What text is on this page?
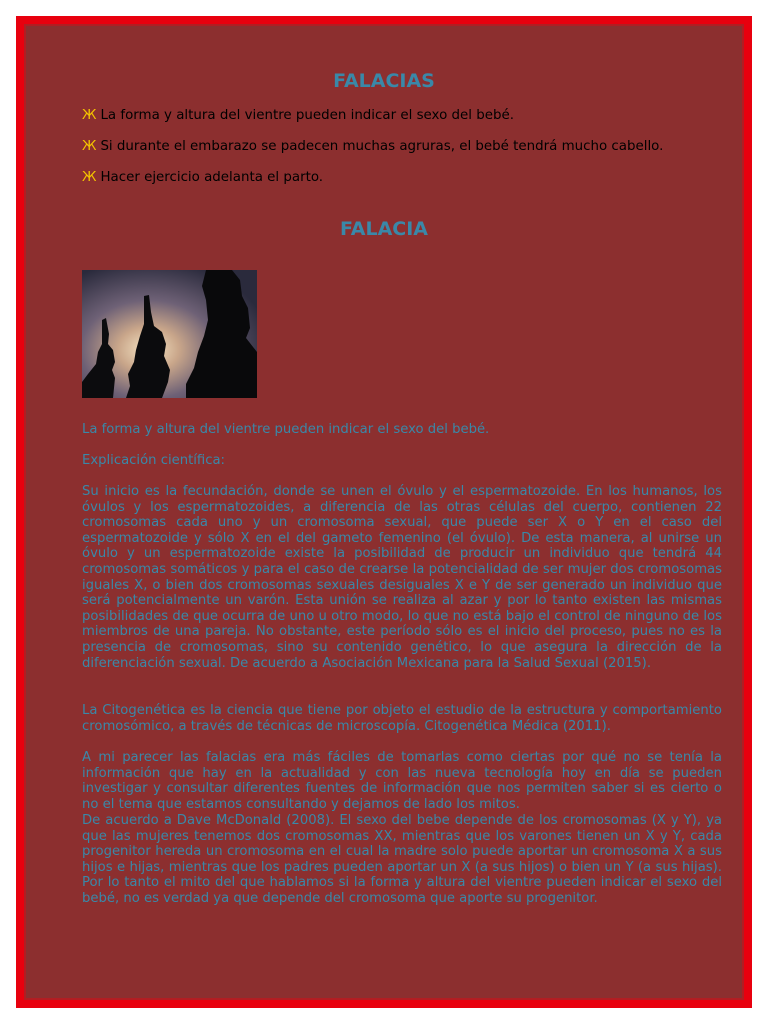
FALACIAS
Ж La forma y altura del vientre pueden indicar el sexo del bebé.
Ж Si durante el embarazo se padecen muchas agruras, el bebé tendrá mucho cabello.
Ж Hacer ejercicio adelanta el parto.
FALACIA
La forma y altura del vientre pueden indicar el sexo del bebé.
Explicación científica:
Su inicio es la fecundación, donde se unen el óvulo y el espermatozoide. En los humanos, los óvulos y los espermatozoides, a diferencia de las otras células del cuerpo, contienen 22 cromosomas cada uno y un cromosoma sexual, que puede ser X o Y en el caso del espermatozoide y sólo X en el del gameto femenino (el óvulo). De esta manera, al unirse un óvulo y un espermatozoide existe la posibilidad de producir un individuo que tendrá 44 cromosomas somáticos y para el caso de crearse la potencialidad de ser mujer dos cromosomas iguales X, o bien dos cromosomas sexuales desiguales X e Y de ser generado un individuo que será potencialmente un varón. Esta unión se realiza al azar y por lo tanto existen las mismas posibilidades de que ocurra de uno u otro modo, lo que no está bajo el control de ninguno de los miembros de una pareja. No obstante, este período sólo es el inicio del proceso, pues no es la presencia de cromosomas, sino su contenido genético, lo que asegura la dirección de la diferenciación sexual. De acuerdo a Asociación Mexicana para la Salud Sexual (2015).
La Citogenética es la ciencia que tiene por objeto el estudio de la estructura y comportamiento cromosómico, a través de técnicas de microscopía. Citogenética Médica (2011).
A mi parecer las falacias era más fáciles de tomarlas como ciertas por qué no se tenía la información que hay en la actualidad y con las nueva tecnología hoy en día se pueden investigar y consultar diferentes fuentes de información que nos permiten saber si es cierto o no el tema que estamos consultando y dejamos de lado los mitos.
De acuerdo a Dave McDonald (2008). El sexo del bebe depende de los cromosomas (X y Y), ya que las mujeres tenemos dos cromosomas XX, mientras que los varones tienen un X y Y, cada progenitor hereda un cromosoma en el cual la madre solo puede aportar un cromosoma X a sus hijos e hijas, mientras que los padres pueden aportar un X (a sus hijos) o bien un Y (a sus hijas). Por lo tanto el mito del que hablamos si la forma y altura del vientre pueden indicar el sexo del bebé, no es verdad ya que depende del cromosoma que aporte su progenitor.
